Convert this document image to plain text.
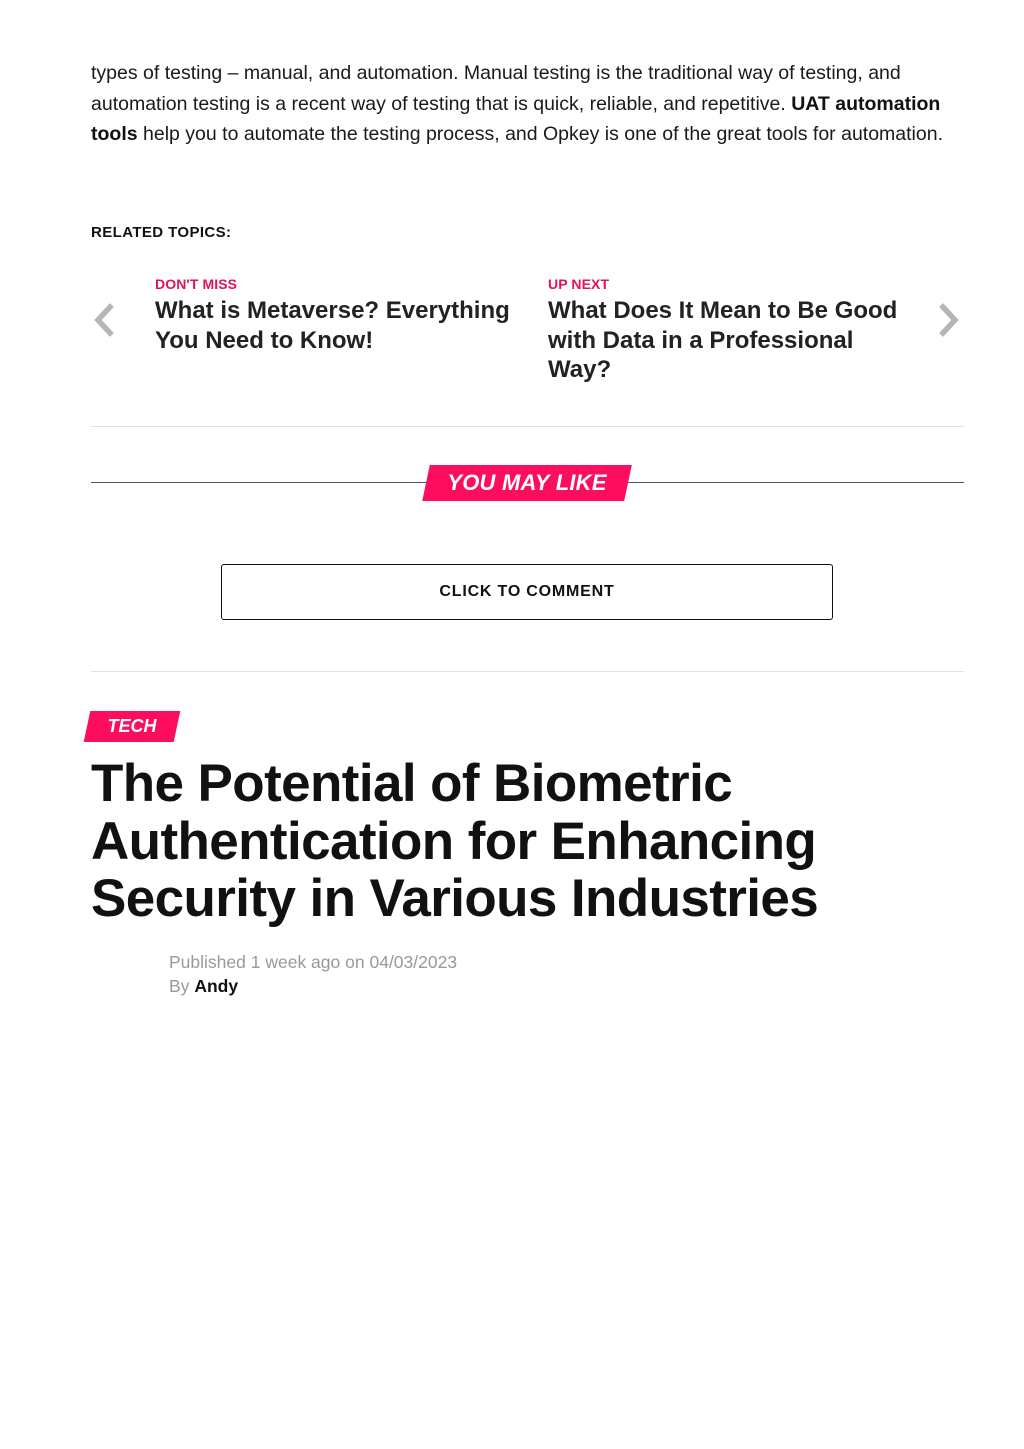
types of testing – manual, and automation. Manual testing is the traditional way of testing, and automation testing is a recent way of testing that is quick, reliable, and repetitive. UAT automation tools help you to automate the testing process, and Opkey is one of the great tools for automation.

RELATED TOPICS:
DON'T MISS
What is Metaverse? Everything You Need to Know!
UP NEXT
What Does It Mean to Be Good with Data in a Professional Way?
YOU MAY LIKE
CLICK TO COMMENT
TECH
The Potential of Biometric Authentication for Enhancing Security in Various Industries
Published 1 week ago on 04/03/2023
By Andy
